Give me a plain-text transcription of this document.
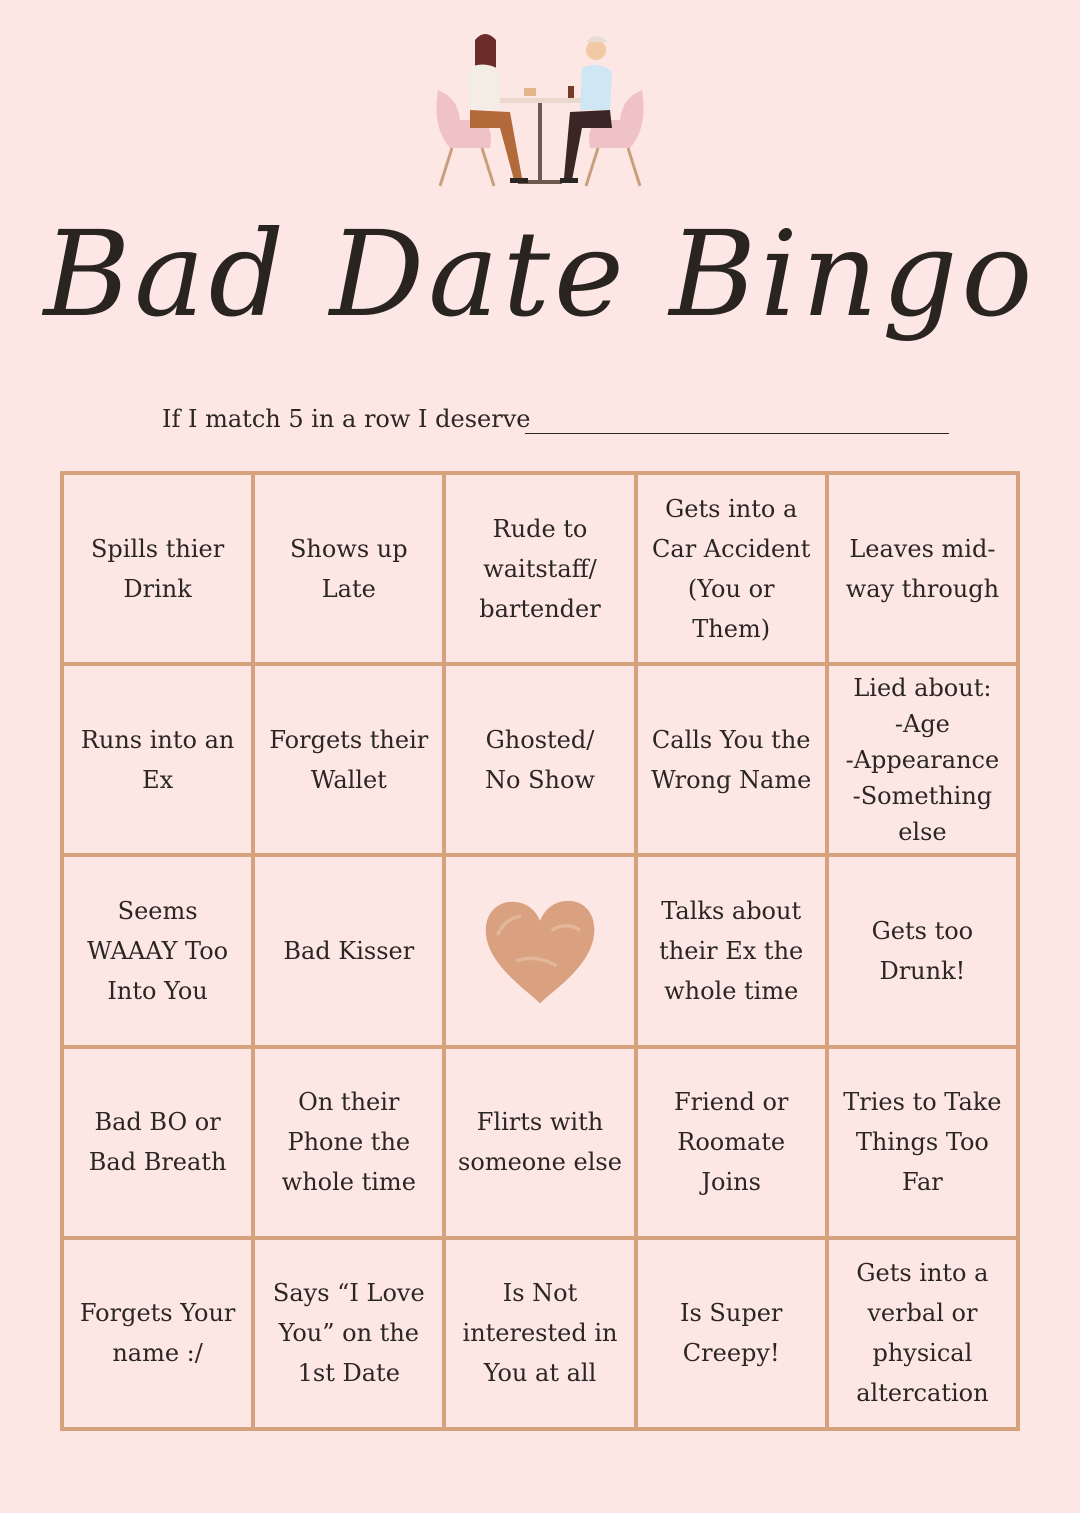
Bad Date Bingo
If I match 5 in a row I deserve
Spills thier
Drink
Shows up
Late
Rude to
waitstaff/
bartender
Gets into a
Car Accident
(You or Them)
Leaves mid-
way through
Runs into an
Ex
Forgets their
Wallet
Ghosted/
No Show
Calls You the
Wrong Name
Lied about:
-Age
-Appearance
-Something
else
Seems
WAAAY Too
Into You
Bad Kisser
Talks about
their Ex the
whole time
Gets too
Drunk!
Bad BO or
Bad Breath
On their
Phone the
whole time
Flirts with
someone else
Friend or
Roomate Joins
Tries to Take
Things Too
Far
Forgets Your
name :/
Says “I Love
You” on the
1st Date
Is Not
interested in
You at all
Is Super
Creepy!
Gets into a
verbal or
physical
altercation
